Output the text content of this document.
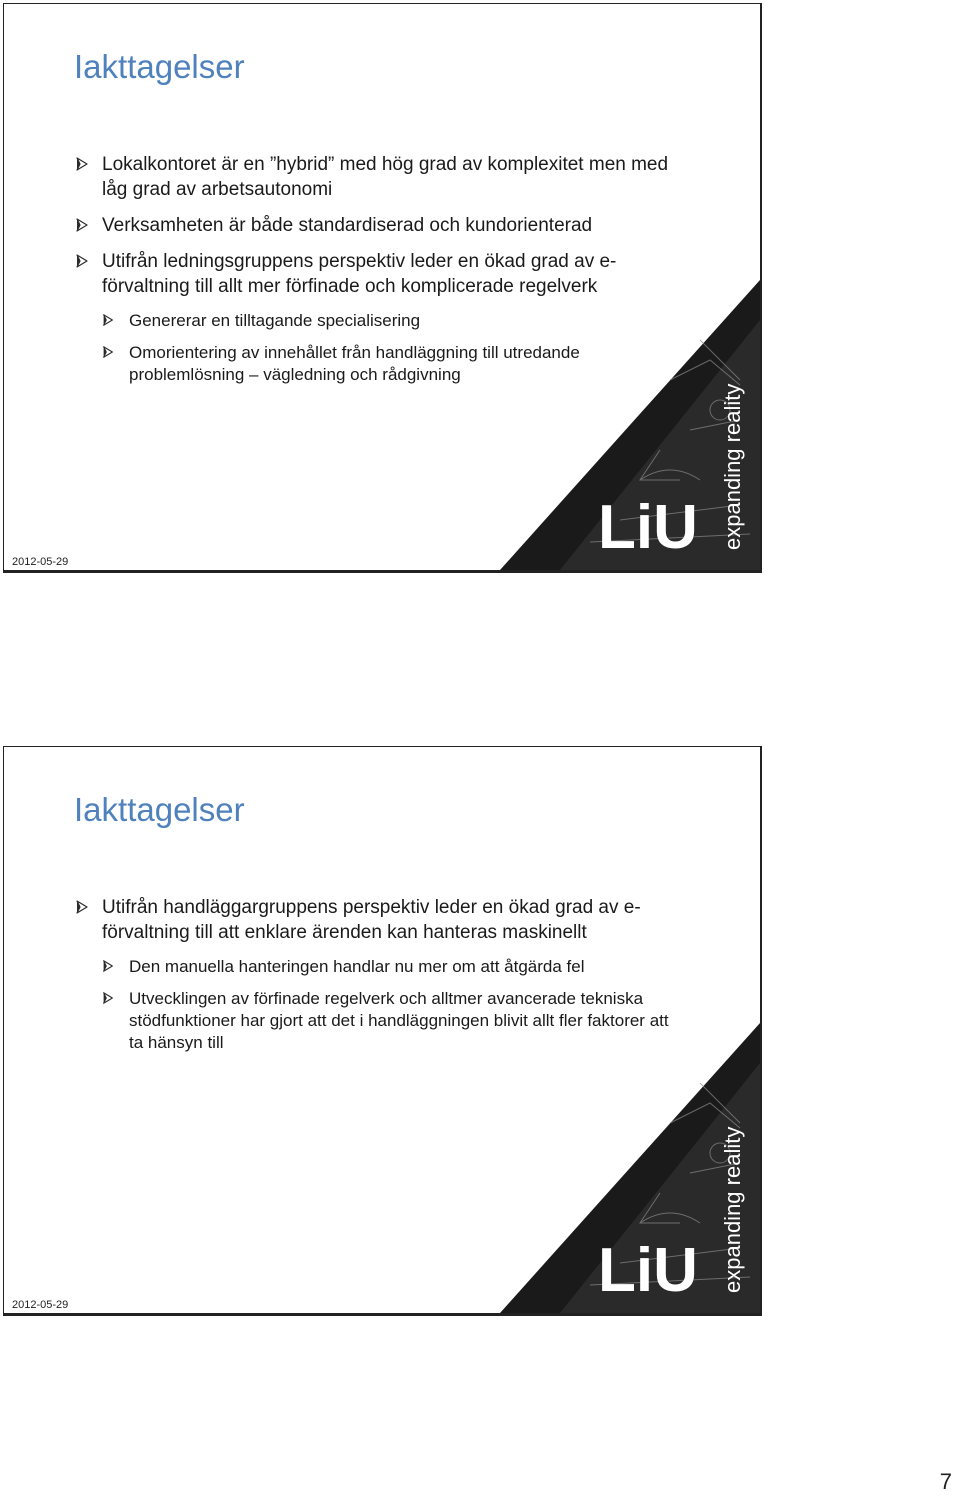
Iakttagelser
Lokalkontoret är en ”hybrid” med hög grad av komplexitet men med låg grad av arbetsautonomi
Verksamheten är både standardiserad och kundorienterad
Utifrån ledningsgruppens perspektiv leder en ökad grad av e-förvaltning till allt mer förfinade och komplicerade regelverk
Genererar en tilltagande specialisering
Omorientering av innehållet från handläggning till utredande problemlösning – vägledning och rådgivning
2012-05-29	LiU expanding reality
Iakttagelser
Utifrån handläggargruppens perspektiv leder en ökad grad av e-förvaltning till att enklare ärenden kan hanteras maskinellt
Den manuella hanteringen handlar nu mer om att åtgärda fel
Utvecklingen av förfinade regelverk och alltmer avancerade tekniska stödfunktioner har gjort att det i handläggningen blivit allt fler faktorer att ta hänsyn till
2012-05-29	LiU expanding reality
7
